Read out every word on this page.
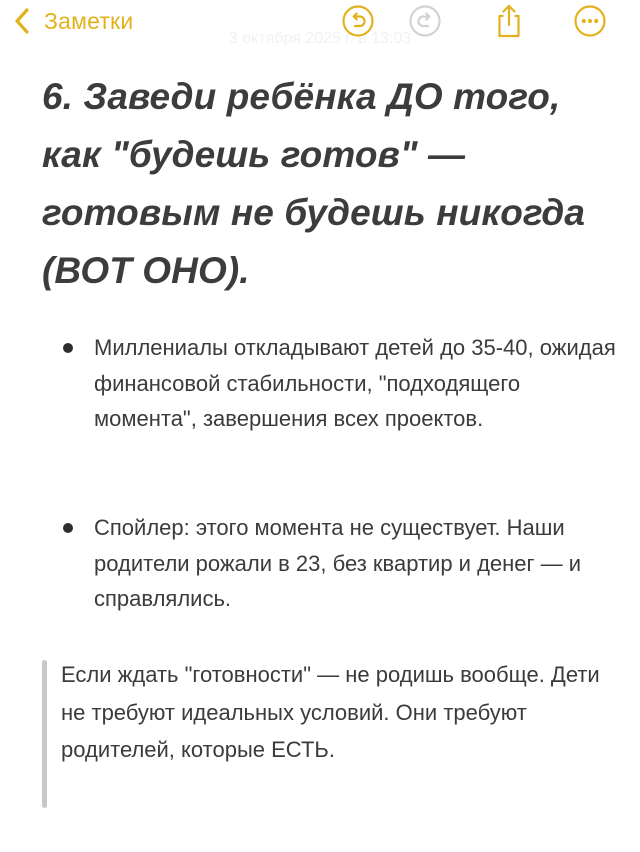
Заметки
3 октября 2025 г. в 13:03
6. Заведи ребёнка ДО того, как "будешь готов" — готовым не будешь никогда (ВОТ ОНО).
Миллениалы откладывают детей до 35-40, ожидая финансовой стабильности, "подходящего момента", завершения всех проектов.
Спойлер: этого момента не существует. Наши родители рожали в 23, без квартир и денег — и справлялись.
Если ждать "готовности" — не родишь вообще. Дети не требуют идеальных условий. Они требуют родителей, которые ЕСТЬ.
